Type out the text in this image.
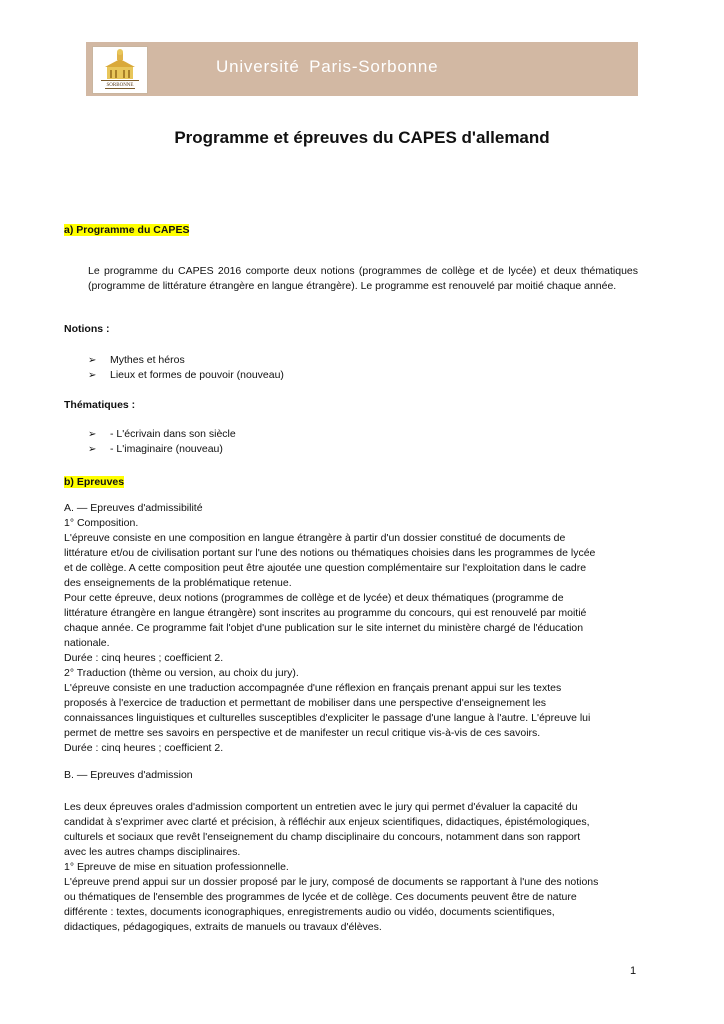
SORBONNE
Université Paris-Sorbonne
Programme et épreuves du CAPES d'allemand
a) Programme du CAPES
Le programme du CAPES 2016 comporte deux notions (programmes de collège et de lycée) et deux thématiques (programme de littérature étrangère en langue étrangère). Le programme est renouvelé par moitié chaque année.
Notions :
➢ Mythes et héros
➢ Lieux et formes de pouvoir (nouveau)
Thématiques :
➢ - L'écrivain dans son siècle
➢ - L'imaginaire (nouveau)
b) Epreuves
A. — Epreuves d'admissibilité
1° Composition.
L'épreuve consiste en une composition en langue étrangère à partir d'un dossier constitué de documents de
littérature et/ou de civilisation portant sur l'une des notions ou thématiques choisies dans les programmes de lycée
et de collège. A cette composition peut être ajoutée une question complémentaire sur l'exploitation dans le cadre
des enseignements de la problématique retenue.
Pour cette épreuve, deux notions (programmes de collège et de lycée) et deux thématiques (programme de
littérature étrangère en langue étrangère) sont inscrites au programme du concours, qui est renouvelé par moitié
chaque année. Ce programme fait l'objet d'une publication sur le site internet du ministère chargé de l'éducation
nationale.
Durée : cinq heures ; coefficient 2.
2° Traduction (thème ou version, au choix du jury).
L'épreuve consiste en une traduction accompagnée d'une réflexion en français prenant appui sur les textes
proposés à l'exercice de traduction et permettant de mobiliser dans une perspective d'enseignement les
connaissances linguistiques et culturelles susceptibles d'expliciter le passage d'une langue à l'autre. L'épreuve lui
permet de mettre ses savoirs en perspective et de manifester un recul critique vis-à-vis de ces savoirs.
Durée : cinq heures ; coefficient 2.
B. — Epreuves d'admission
Les deux épreuves orales d'admission comportent un entretien avec le jury qui permet d'évaluer la capacité du
candidat à s'exprimer avec clarté et précision, à réfléchir aux enjeux scientifiques, didactiques, épistémologiques,
culturels et sociaux que revêt l'enseignement du champ disciplinaire du concours, notamment dans son rapport
avec les autres champs disciplinaires.
1° Epreuve de mise en situation professionnelle.
L'épreuve prend appui sur un dossier proposé par le jury, composé de documents se rapportant à l'une des notions
ou thématiques de l'ensemble des programmes de lycée et de collège. Ces documents peuvent être de nature
différente : textes, documents iconographiques, enregistrements audio ou vidéo, documents scientifiques,
didactiques, pédagogiques, extraits de manuels ou travaux d'élèves.
1
